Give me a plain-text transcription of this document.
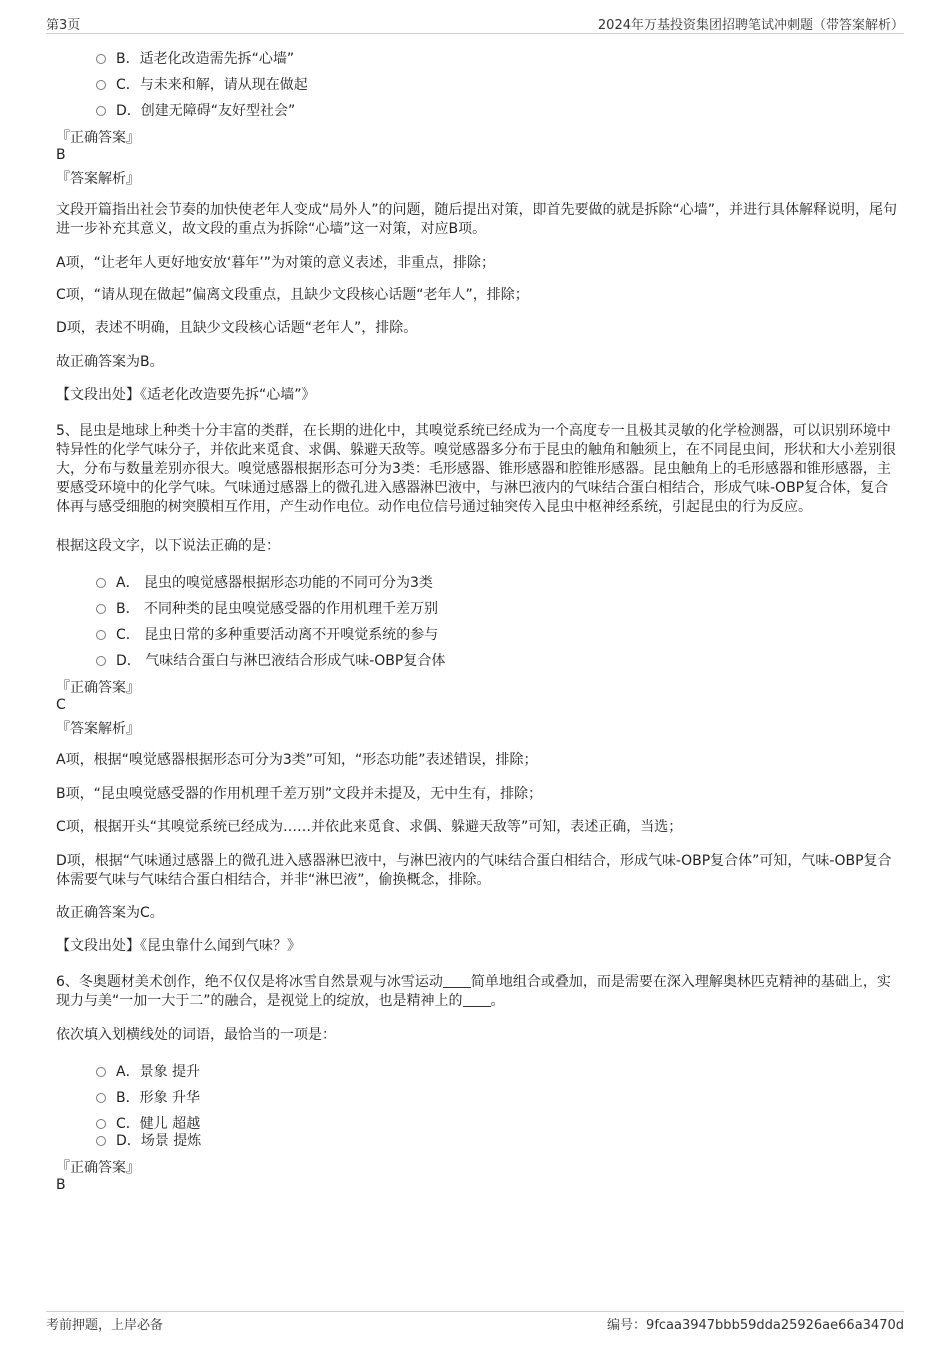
第3页	2024年万基投资集团招聘笔试冲刺题（带答案解析）
B．适老化改造需先拆“心墙”
C．与未来和解，请从现在做起
D．创建无障碍“友好型社会”
『正确答案』
B
『答案解析』
文段开篇指出社会节奏的加快使老年人变成“局外人”的问题，随后提出对策，即首先要做的就是拆除“心墙”，并进行具体解释说明，尾句进一步补充其意义，故文段的重点为拆除“心墙”这一对策，对应B项。
A项，“让老年人更好地安放‘暮年’”为对策的意义表述，非重点，排除；
C项，“请从现在做起”偏离文段重点，且缺少文段核心话题“老年人”，排除；
D项，表述不明确，且缺少文段核心话题“老年人”，排除。
故正确答案为B。
【文段出处】《适老化改造要先拆“心墙”》
5、昆虫是地球上种类十分丰富的类群，在长期的进化中，其嗅觉系统已经成为一个高度专一且极其灵敏的化学检测器，可以识别环境中特异性的化学气味分子，并依此来觅食、求偶、躲避天敌等。嗅觉感器多分布于昆虫的触角和触须上，在不同昆虫间，形状和大小差别很大，分布与数量差别亦很大。嗅觉感器根据形态可分为3类：毛形感器、锥形感器和腔锥形感器。昆虫触角上的毛形感器和锥形感器，主要感受环境中的化学气味。气味通过感器上的微孔进入感器淋巴液中，与淋巴液内的气味结合蛋白相结合，形成气味-OBP复合体，复合体再与感受细胞的树突膜相互作用，产生动作电位。动作电位信号通过轴突传入昆虫中枢神经系统，引起昆虫的行为反应。
根据这段文字，以下说法正确的是：
A． 昆虫的嗅觉感器根据形态功能的不同可分为3类
B． 不同种类的昆虫嗅觉感受器的作用机理千差万别
C． 昆虫日常的多种重要活动离不开嗅觉系统的参与
D． 气味结合蛋白与淋巴液结合形成气味-OBP复合体
『正确答案』
C
『答案解析』
A项，根据“嗅觉感器根据形态可分为3类”可知，“形态功能”表述错误，排除；
B项，“昆虫嗅觉感受器的作用机理千差万别”文段并未提及，无中生有，排除；
C项，根据开头“其嗅觉系统已经成为……并依此来觅食、求偶、躲避天敌等”可知，表述正确，当选；
D项，根据“气味通过感器上的微孔进入感器淋巴液中，与淋巴液内的气味结合蛋白相结合，形成气味-OBP复合体”可知，气味-OBP复合体需要气味与气味结合蛋白相结合，并非“淋巴液”，偷换概念，排除。
故正确答案为C。
【文段出处】《昆虫靠什么闻到气味？》
6、冬奥题材美术创作，绝不仅仅是将冰雪自然景观与冰雪运动 简单地组合或叠加，而是需要在深入理解奥林匹克精神的基础上，实现力与美“一加一大于二”的融合，是视觉上的绽放，也是精神上的 。
依次填入划横线处的词语，最恰当的一项是：
A．景象 提升
B．形象 升华
C．健儿 超越
D．场景 提炼
『正确答案』
B
考前押题，上岸必备	编号：9fcaa3947bbb59dda25926ae66a3470d
